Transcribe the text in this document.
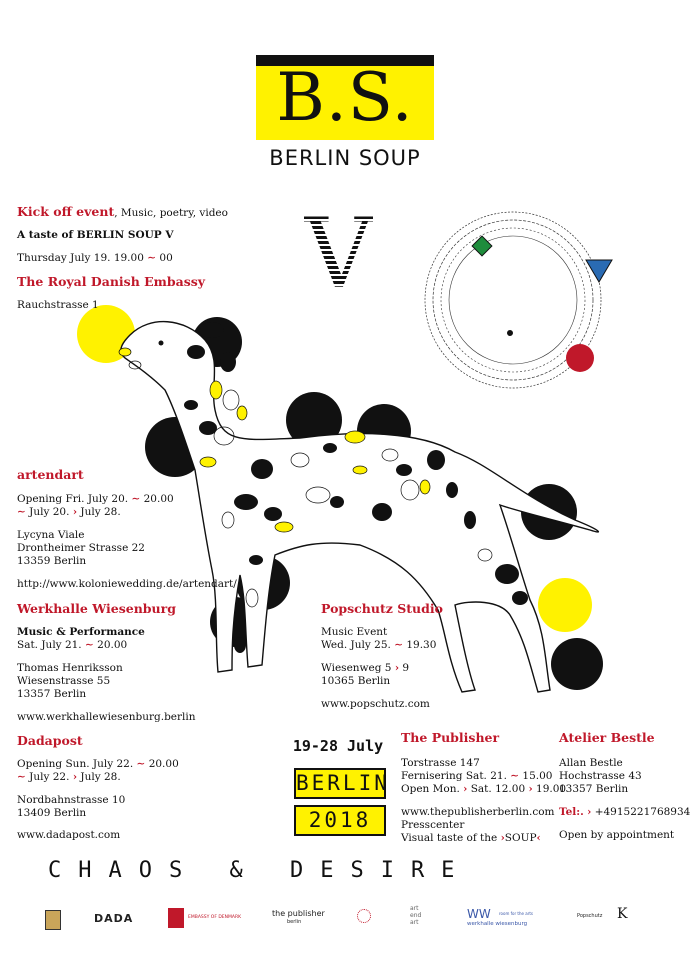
B.S.
BERLIN SOUP
V
Kick off event, Music, poetry, video
A taste of BERLIN SOUP V
Thursday July 19. 19.00 ∼ 00
The Royal Danish Embassy
Rauchstrasse 1
artendart
Opening Fri. July 20. ∼ 20.00
∼ July 20. › July 28.
Lycyna Viale
Drontheimer Strasse 22
13359 Berlin
http://www.koloniewedding.de/artendart/
Werkhalle Wiesenburg
Music & Performance
Sat. July 21. ∼ 20.00
Thomas Henriksson
Wiesenstrasse 55
13357 Berlin
www.werkhallewiesenburg.berlin
Dadapost
Opening Sun. July 22. ∼ 20.00
∼ July 22. › July 28.
Nordbahnstrasse 10
13409 Berlin
www.dadapost.com
Popschutz Studio
Music Event
Wed. July 25. ∼ 19.30
Wiesenweg 5 › 9
10365 Berlin
www.popschutz.com
19-28 July
BERLIN
2018
The Publisher
Torstrasse 147
Fernisering Sat. 21. ∼ 15.00
Open Mon. › Sat. 12.00 › 19.00
www.thepublisherberlin.com
Presscenter
Visual taste of the ›SOUP‹
Atelier Bestle
Allan Bestle
Hochstrasse 43
13357 Berlin
Tel:. › +4915221768934
Open by appointment
CHAOS & DESIRE
DADA	EMBASSY OF DENMARK	the publisher
berlin
art
end
art
WW
werkhalle wiesenburg
room for the arts	Popschutz K
